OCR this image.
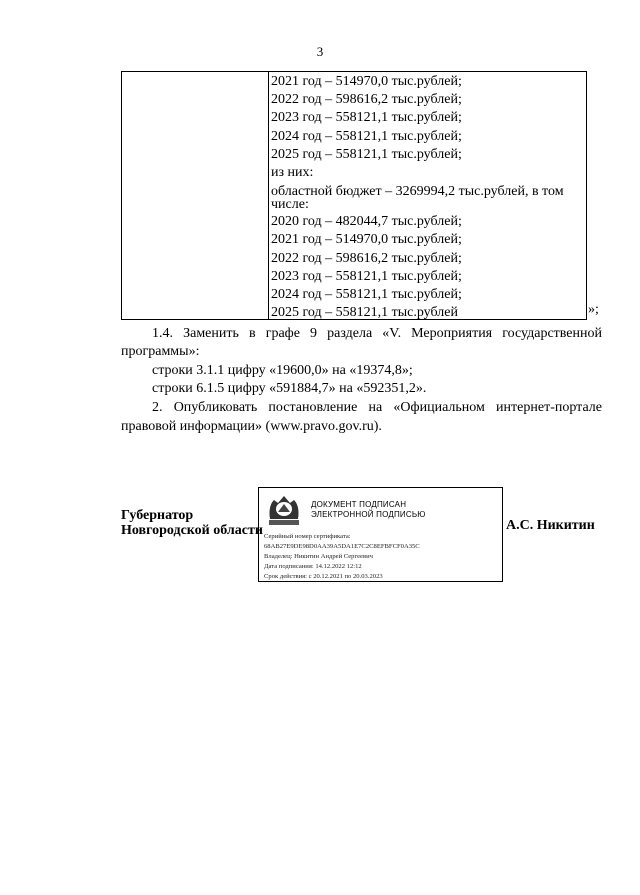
3
2021 год – 514970,0 тыс.рублей;
2022 год – 598616,2 тыс.рублей;
2023 год – 558121,1 тыс.рублей;
2024 год – 558121,1 тыс.рублей;
2025 год – 558121,1 тыс.рублей;
из них:
областной бюджет – 3269994,2 тыс.рублей, в том числе:
2020 год – 482044,7 тыс.рублей;
2021 год – 514970,0 тыс.рублей;
2022 год – 598616,2 тыс.рублей;
2023 год – 558121,1 тыс.рублей;
2024 год – 558121,1 тыс.рублей;
2025 год – 558121,1 тыс.рублей	»;
1.4. Заменить в графе 9 раздела «V. Мероприятия государственной
программы»:
строки 3.1.1 цифру «19600,0» на «19374,8»;
строки 6.1.5 цифру «591884,7» на «592351,2».
2. Опубликовать постановление на «Официальном интернет-портале
правовой информации» (www.pravo.gov.ru).
Губернатор
Новгородской области
ДОКУМЕНТ ПОДПИСАН
ЭЛЕКТРОННОЙ ПОДПИСЬЮ
Серийный номер сертификата:
68AB27E9DE98D0AA39A5DA1E7C2C8EFBFCF0A35C
Владелец: Никитин Андрей Сергеевич
Дата подписания: 14.12.2022 12:12
Срок действия: с 20.12.2021 по 20.03.2023
А.С. Никитин
